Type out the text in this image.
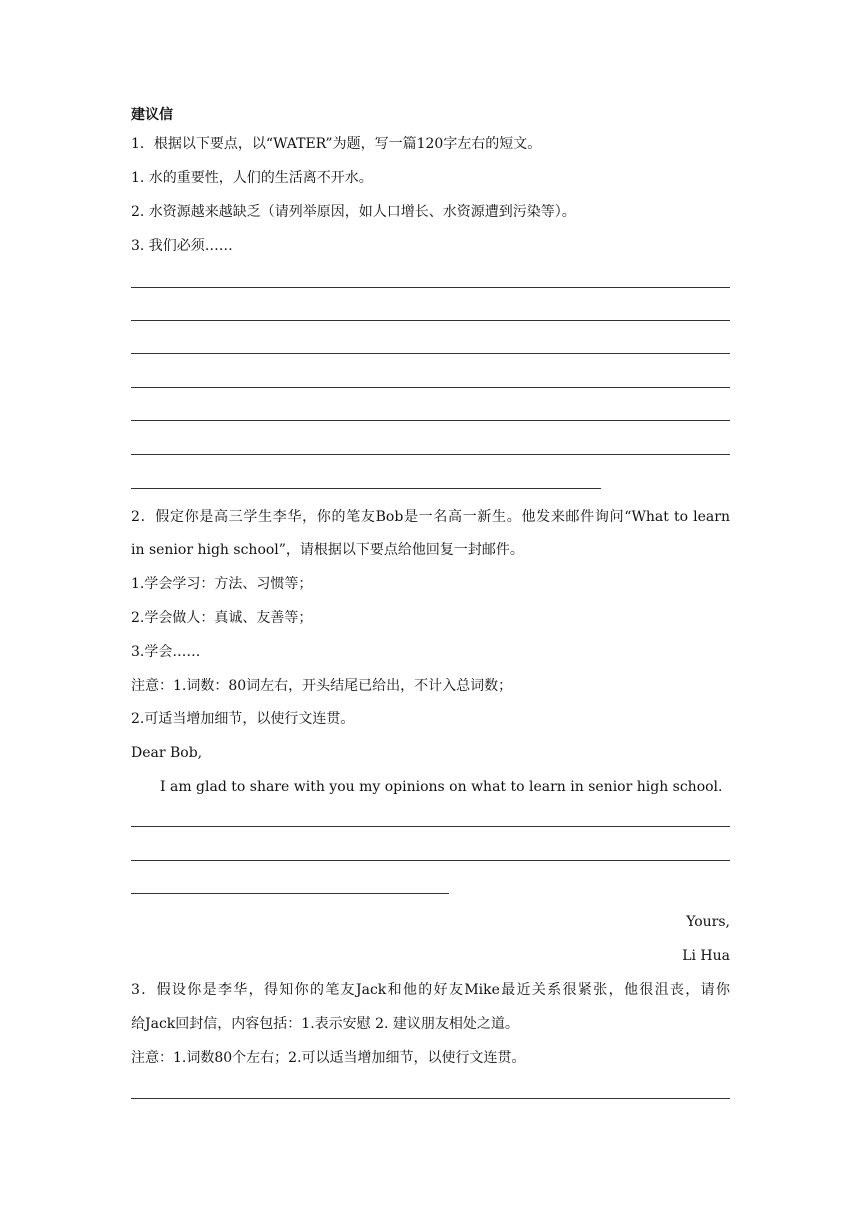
建议信
1．根据以下要点，以“WATER”为题，写一篇120字左右的短文。
1. 水的重要性，人们的生活离不开水。
2. 水资源越来越缺乏（请列举原因，如人口增长、水资源遭到污染等）。
3. 我们必须……
2．假定你是高三学生李华，你的笔友Bob是一名高一新生。他发来邮件询问“What to learn
in senior high school”，请根据以下要点给他回复一封邮件。
1.学会学习：方法、习惯等；
2.学会做人：真诚、友善等；
3.学会……
注意：1.词数：80词左右，开头结尾已给出，不计入总词数；
2.可适当增加细节，以使行文连贯。
Dear Bob,
I am glad to share with you my opinions on what to learn in senior high school.
Yours,
Li Hua
3．假设你是李华，得知你的笔友Jack和他的好友Mike最近关系很紧张，他很沮丧，请你
给Jack回封信，内容包括：1.表示安慰 2. 建议朋友相处之道。
注意：1.词数80个左右；2.可以适当增加细节，以使行文连贯。
